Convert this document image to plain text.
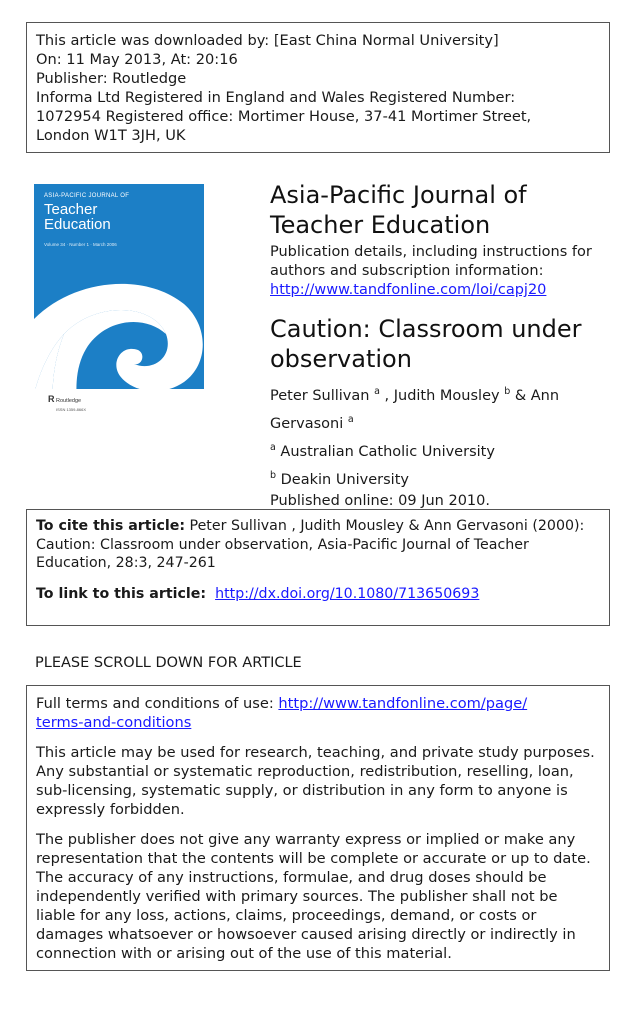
This article was downloaded by: [East China Normal University]

On: 11 May 2013, At: 20:16

Publisher: Routledge

Informa Ltd Registered in England and Wales Registered Number:

1072954 Registered office: Mortimer House, 37-41 Mortimer Street,

London W1T 3JH, UK

ASIA-PACIFIC JOURNAL OF
Teacher
Education
Volume 34 · Number 1 · March 2006
R Routledge
ISSN 1359-866X
Asia-Pacific Journal of
Teacher Education
Publication details, including instructions for
authors and subscription information:
http://www.tandfonline.com/loi/capj20
Caution: Classroom under
observation
Peter Sullivan $^a$ , Judith Mousley $^b$ & Ann
Gervasoni $^a$
$^a$ Australian Catholic University
$^b$ Deakin University
Published online: 09 Jun 2010.

To cite this article: Peter Sullivan , Judith Mousley & Ann Gervasoni (2000): Caution: Classroom under observation, Asia-Pacific Journal of Teacher Education, 28:3, 247-261

To link to this article: http://dx.doi.org/10.1080/713650693

PLEASE SCROLL DOWN FOR ARTICLE

Full terms and conditions of use: http://www.tandfonline.com/page/
terms-and-conditions

This article may be used for research, teaching, and private study purposes. Any substantial or systematic reproduction, redistribution, reselling, loan, sub-licensing, systematic supply, or distribution in any form to anyone is expressly forbidden.

The publisher does not give any warranty express or implied or make any representation that the contents will be complete or accurate or up to date. The accuracy of any instructions, formulae, and drug doses should be independently verified with primary sources. The publisher shall not be liable for any loss, actions, claims, proceedings, demand, or costs or damages whatsoever or howsoever caused arising directly or indirectly in connection with or arising out of the use of this material.
